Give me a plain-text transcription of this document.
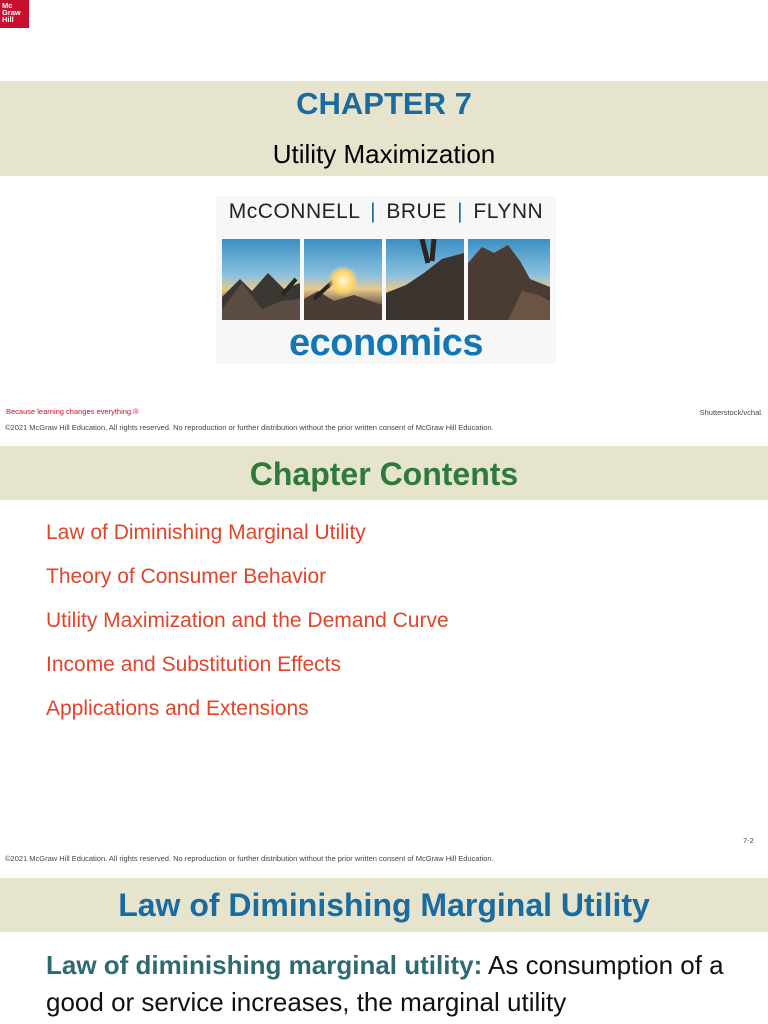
Mc
Graw
Hill
CHAPTER 7
Utility Maximization
McCONNELL | BRUE | FLYNN
economics
Because learning changes everything.®	Shutterstock/vchal.
©2021 McGraw Hill Education. All rights reserved. No reproduction or further distribution without the prior written consent of McGraw Hill Education.
Chapter Contents
Law of Diminishing Marginal Utility
Theory of Consumer Behavior
Utility Maximization and the Demand Curve
Income and Substitution Effects
Applications and Extensions
7-2
©2021 McGraw Hill Education. All rights reserved. No reproduction or further distribution without the prior written consent of McGraw Hill Education.
Law of Diminishing Marginal Utility
Law of diminishing marginal utility: As consumption of a good or service increases, the marginal utility
